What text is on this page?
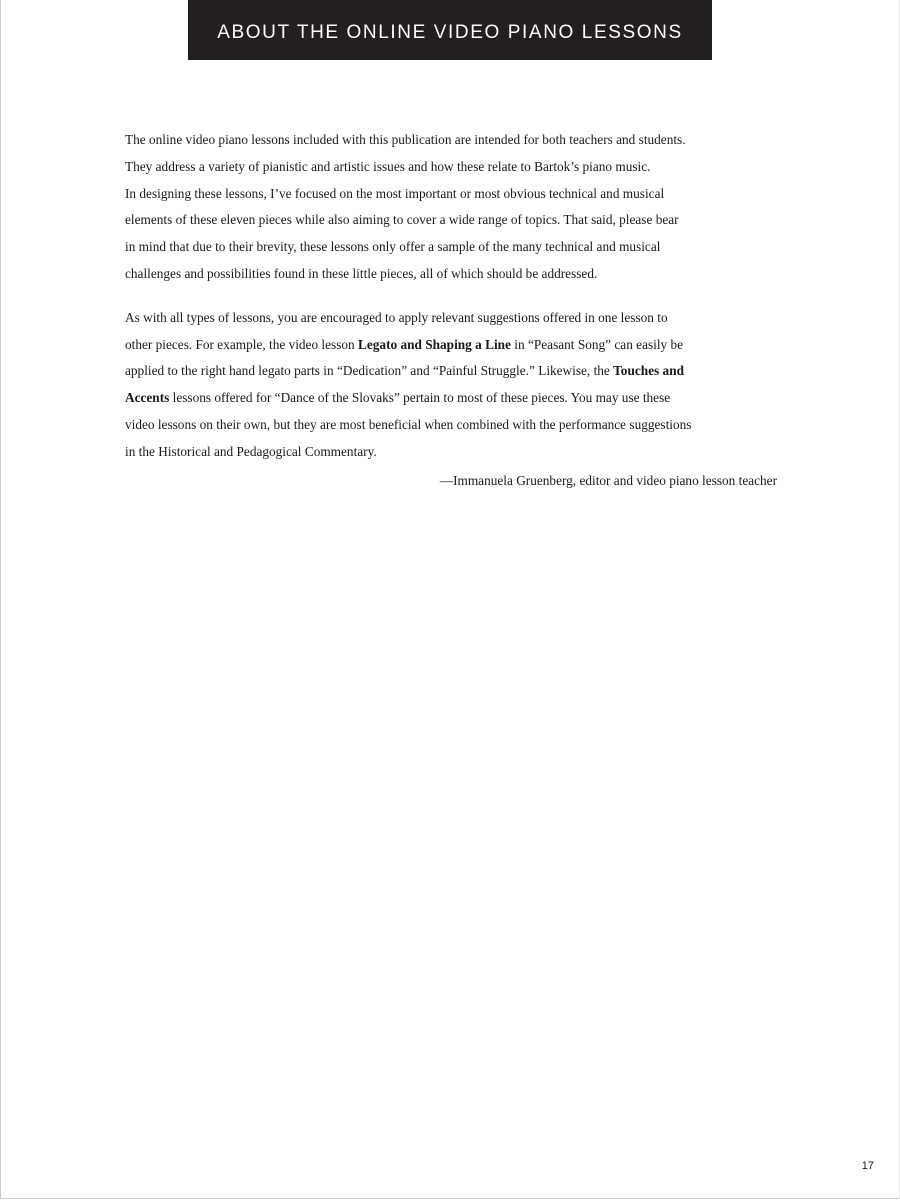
ABOUT THE ONLINE VIDEO PIANO LESSONS

The online video piano lessons included with this publication are intended for both teachers and students.
They address a variety of pianistic and artistic issues and how these relate to Bartok’s piano music.
In designing these lessons, I’ve focused on the most important or most obvious technical and musical
elements of these eleven pieces while also aiming to cover a wide range of topics. That said, please bear
in mind that due to their brevity, these lessons only offer a sample of the many technical and musical
challenges and possibilities found in these little pieces, all of which should be addressed.

As with all types of lessons, you are encouraged to apply relevant suggestions offered in one lesson to
other pieces. For example, the video lesson Legato and Shaping a Line in “Peasant Song” can easily be
applied to the right hand legato parts in “Dedication” and “Painful Struggle.” Likewise, the Touches and
Accents lessons offered for “Dance of the Slovaks” pertain to most of these pieces. You may use these
video lessons on their own, but they are most beneficial when combined with the performance suggestions
in the Historical and Pedagogical Commentary.

—Immanuela Gruenberg, editor and video piano lesson teacher
17
